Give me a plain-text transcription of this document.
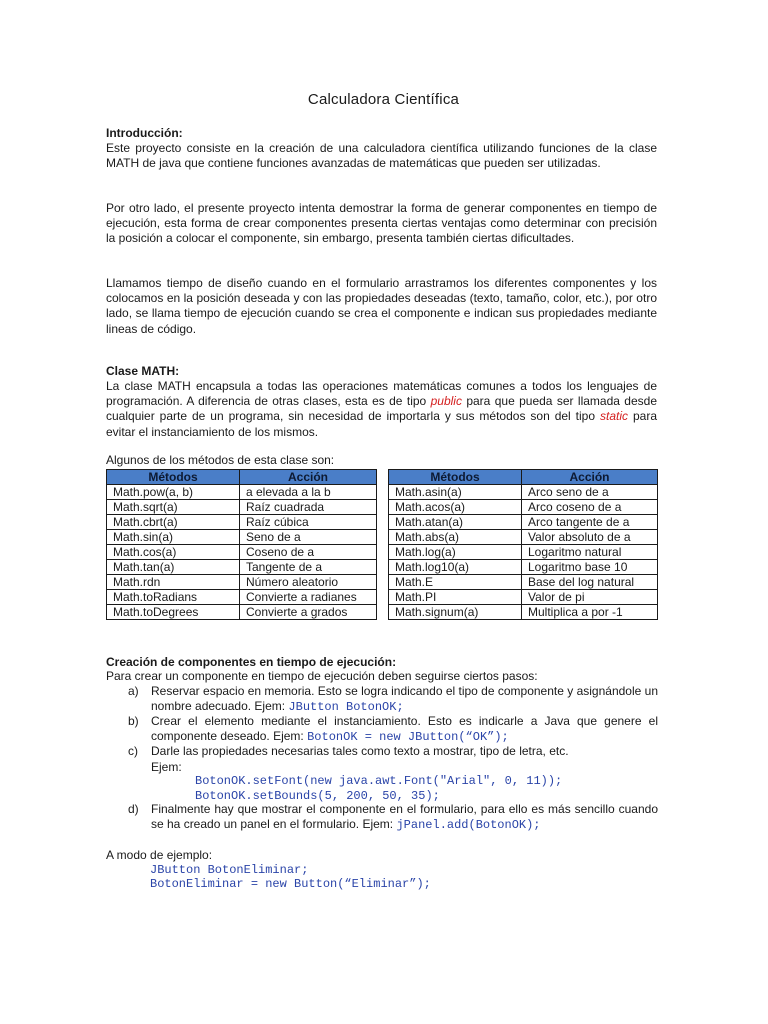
Calculadora Científica
Introducción:

Este proyecto consiste en la creación de una calculadora científica utilizando funciones de la clase MATH de java que contiene funciones avanzadas de matemáticas que pueden ser utilizadas.

Por otro lado, el presente proyecto intenta demostrar la forma de generar componentes en tiempo de ejecución, esta forma de crear componentes presenta ciertas ventajas como determinar con precisión la posición a colocar el componente, sin embargo, presenta también ciertas dificultades.

Llamamos tiempo de diseño cuando en el formulario arrastramos los diferentes componentes y los colocamos en la posición deseada y con las propiedades deseadas (texto, tamaño, color, etc.), por otro lado, se llama tiempo de ejecución cuando se crea el componente e indican sus propiedades mediante lineas de código.

Clase MATH:

La clase MATH encapsula a todas las operaciones matemáticas comunes a todos los lenguajes de programación. A diferencia de otras clases, esta es de tipo public para que pueda ser llamada desde cualquier parte de un programa, sin necesidad de importarla y sus métodos son del tipo static para evitar el instanciamiento de los mismos.

Algunos de los métodos de esta clase son:
Métodos	Acción
Math.pow(a, b)	a elevada a la b
Math.sqrt(a)	Raíz cuadrada
Math.cbrt(a)	Raíz cúbica
Math.sin(a)	Seno de a
Math.cos(a)	Coseno de a
Math.tan(a)	Tangente de a
Math.rdn	Número aleatorio
Math.toRadians	Convierte a radianes
Math.toDegrees	Convierte a grados
Métodos	Acción
Math.asin(a)	Arco seno de a
Math.acos(a)	Arco coseno de a
Math.atan(a)	Arco tangente de a
Math.abs(a)	Valor absoluto de a
Math.log(a)	Logaritmo natural
Math.log10(a)	Logaritmo base 10
Math.E	Base del log natural
Math.PI	Valor de pi
Math.signum(a)	Multiplica a por -1
Creación de componentes en tiempo de ejecución:
Para crear un componente en tiempo de ejecución deben seguirse ciertos pasos:
a) Reservar espacio en memoria. Esto se logra indicando el tipo de componente y asignándole un nombre adecuado. Ejem: JButton BotonOK;
b) Crear el elemento mediante el instanciamiento. Esto es indicarle a Java que genere el componente deseado. Ejem: BotonOK = new JButton(“OK”);
c) Darle las propiedades necesarias tales como texto a mostrar, tipo de letra, etc.
Ejem:
BotonOK.setFont(new java.awt.Font("Arial", 0, 11));
BotonOK.setBounds(5, 200, 50, 35);
d) Finalmente hay que mostrar el componente en el formulario, para ello es más sencillo cuando se ha creado un panel en el formulario. Ejem: jPanel.add(BotonOK);
A modo de ejemplo:
JButton BotonEliminar;
BotonEliminar = new Button(“Eliminar”);
